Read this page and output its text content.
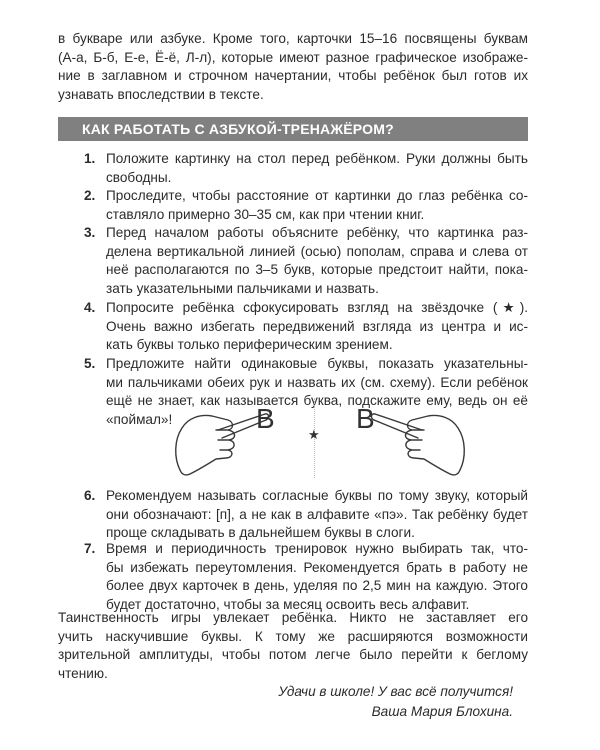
в букваре или азбуке. Кроме того, карточки 15–16 посвящены буквам
(А-а, Б-б, Е-е, Ё-ё, Л-л), которые имеют разное графическое изображе-
ние в заглавном и строчном начертании, чтобы ребёнок был готов их
узнавать впоследствии в тексте.
КАК РАБОТАТЬ С АЗБУКОЙ-ТРЕНАЖЁРОМ?
1. Положите картинку на стол перед ребёнком. Руки должны быть
свободны.
2. Проследите, чтобы расстояние от картинки до глаз ребёнка со-
ставляло примерно 30–35 см, как при чтении книг.
3. Перед началом работы объясните ребёнку, что картинка раз-
делена вертикальной линией (осью) пополам, справа и слева от
неё располагаются по 3–5 букв, которые предстоит найти, пока-
зать указательными пальчиками и назвать.
4. Попросите ребёнка сфокусировать взгляд на звёздочке (★).
Очень важно избегать передвижений взгляда из центра и ис-
кать буквы только периферическим зрением.
5. Предложите найти одинаковые буквы, показать указательны-
ми пальчиками обеих рук и назвать их (см. схему). Если ребёнок
ещё не знает, как называется буква, подскажите ему, ведь он её
«поймал»!	В
★
В
6. Рекомендуем называть согласные буквы по тому звуку, который
они обозначают: [п], а не как в алфавите «пэ». Так ребёнку будет
проще складывать в дальнейшем буквы в слоги.
7. Время и периодичность тренировок нужно выбирать так, что-
бы избежать переутомления. Рекомендуется брать в работу не
более двух карточек в день, уделяя по 2,5 мин на каждую. Этого
будет достаточно, чтобы за месяц освоить весь алфавит.
Таинственность игры увлекает ребёнка. Никто не заставляет его
учить наскучившие буквы. К тому же расширяются возможности
зрительной амплитуды, чтобы потом легче было перейти к беглому
чтению.
Удачи в школе! У вас всё получится!
Ваша Мария Блохина.
